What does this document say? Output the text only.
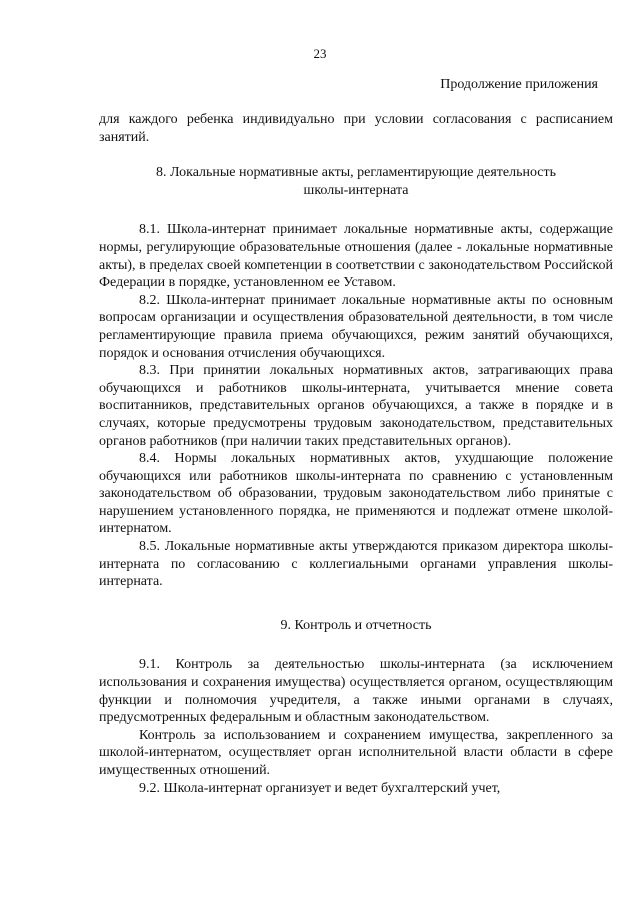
23
Продолжение приложения

для каждого ребенка индивидуально при условии согласования с расписанием занятий.

8. Локальные нормативные акты, регламентирующие деятельность
школы-интерната

8.1. Школа-интернат принимает локальные нормативные акты, содержащие нормы, регулирующие образовательные отношения (далее - локальные нормативные акты), в пределах своей компетенции в соответствии с законодательством Российской Федерации в порядке, установленном ее Уставом.

8.2. Школа-интернат принимает локальные нормативные акты по основным вопросам организации и осуществления образовательной деятельности, в том числе регламентирующие правила приема обучающихся, режим занятий обучающихся, порядок и основания отчисления обучающихся.

8.3. При принятии локальных нормативных актов, затрагивающих права обучающихся и работников школы-интерната, учитывается мнение совета воспитанников, представительных органов обучающихся, а также в порядке и в случаях, которые предусмотрены трудовым законодательством, представительных органов работников (при наличии таких представительных органов).

8.4. Нормы локальных нормативных актов, ухудшающие положение обучающихся или работников школы-интерната по сравнению с установленным законодательством об образовании, трудовым законодательством либо принятые с нарушением установленного порядка, не применяются и подлежат отмене школой-интернатом.

8.5. Локальные нормативные акты утверждаются приказом директора школы-интерната по согласованию с коллегиальными органами управления школы-интерната.

9. Контроль и отчетность

9.1. Контроль за деятельностью школы-интерната (за исключением использования и сохранения имущества) осуществляется органом, осуществляющим функции и полномочия учредителя, а также иными органами в случаях, предусмотренных федеральным и областным законодательством.

Контроль за использованием и сохранением имущества, закрепленного за школой-интернатом, осуществляет орган исполнительной власти области в сфере имущественных отношений.

9.2. Школа-интернат организует и ведет бухгалтерский учет,
